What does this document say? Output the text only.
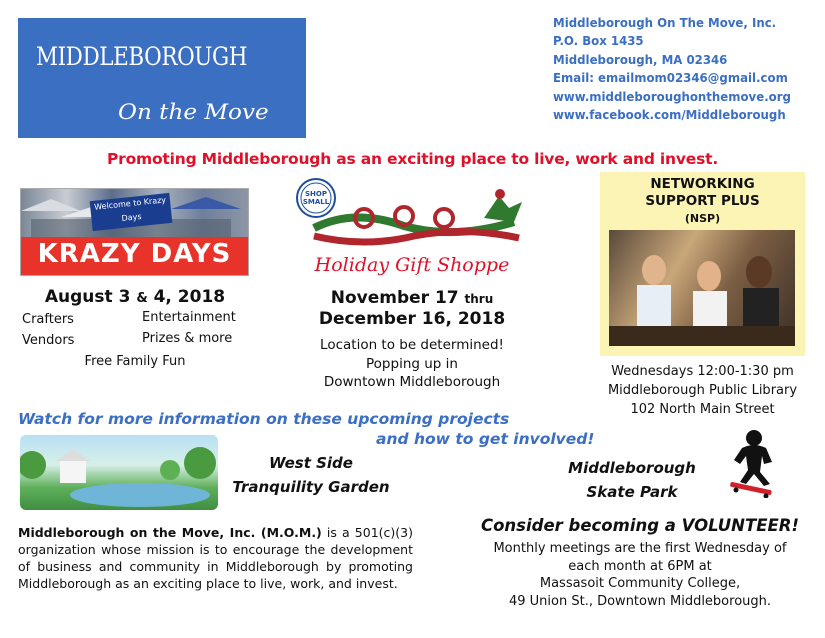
MIDDLEBOROUGH
On the Move
Middleborough On The Move, Inc.
P.O. Box 1435
Middleborough, MA 02346
Email: emailmom02346@gmail.com
www.middleboroughonthemove.org
www.facebook.com/Middleborough
Promoting Middleborough as an exciting place to live, work and invest.
Welcome to Krazy Days
KRAZY DAYS
August 3 & 4, 2018
Crafters	Entertainment
Vendors	Prizes & more
Free Family Fun
SHOP
SMALL
Holiday Gift Shoppe
November 17 thru
December 16, 2018
Location to be determined!
Popping up in
Downtown Middleborough
NETWORKING
SUPPORT PLUS
(NSP)
Wednesdays 12:00-1:30 pm
Middleborough Public Library
102 North Main Street
Watch for more information on these upcoming projects
and how to get involved!
West Side
Tranquility Garden
Middleborough
Skate Park
Middleborough on the Move, Inc. (M.O.M.) is a 501(c)(3) organization whose mission is to encourage the development of business and community in Middleborough by promoting Middleborough as an exciting place to live, work, and invest.
Consider becoming a VOLUNTEER!
Monthly meetings are the first Wednesday of
each month at 6PM at
Massasoit Community College,
49 Union St., Downtown Middleborough.
